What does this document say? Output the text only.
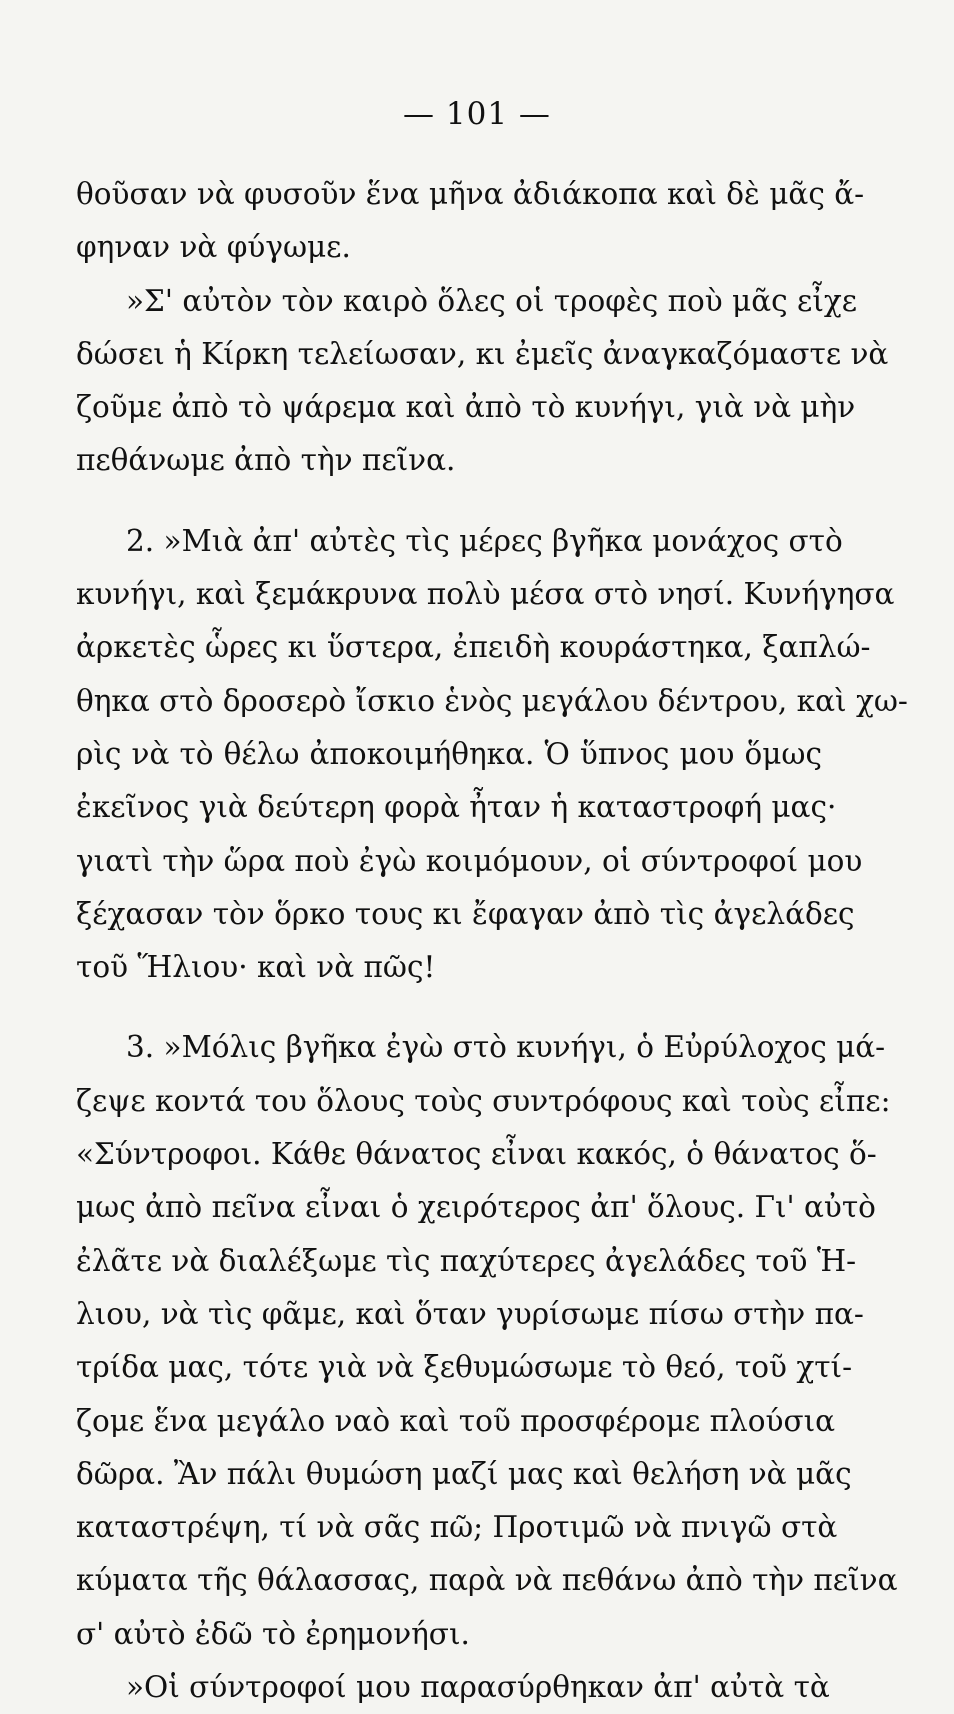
— 101 —
θοῦσαν νὰ φυσοῦν ἕνα μῆνα ἀδιάκοπα καὶ δὲ μᾶς ἄ-
φηναν νὰ φύγωμε.
»Σ' αὐτὸν τὸν καιρὸ ὅλες οἱ τροφὲς ποὺ μᾶς εἶχε
δώσει ἡ Κίρκη τελείωσαν, κι ἐμεῖς ἀναγκαζόμαστε νὰ
ζοῦμε ἀπὸ τὸ ψάρεμα καὶ ἀπὸ τὸ κυνήγι, γιὰ νὰ μὴν
πεθάνωμε ἀπὸ τὴν πεῖνα.
2. »Μιὰ ἀπ' αὐτὲς τὶς μέρες βγῆκα μονάχος στὸ
κυνήγι, καὶ ξεμάκρυνα πολὺ μέσα στὸ νησί. Κυνήγησα
ἀρκετὲς ὧρες κι ὕστερα, ἐπειδὴ κουράστηκα, ξαπλώ-
θηκα στὸ δροσερὸ ἴσκιο ἑνὸς μεγάλου δέντρου, καὶ χω-
ρὶς νὰ τὸ θέλω ἀποκοιμήθηκα. Ὁ ὕπνος μου ὅμως
ἐκεῖνος γιὰ δεύτερη φορὰ ἦταν ἡ καταστροφή μας·
γιατὶ τὴν ὥρα ποὺ ἐγὼ κοιμόμουν, οἱ σύντροφοί μου
ξέχασαν τὸν ὅρκο τους κι ἔφαγαν ἀπὸ τὶς ἀγελάδες
τοῦ Ἥλιου· καὶ νὰ πῶς!
3. »Μόλις βγῆκα ἐγὼ στὸ κυνήγι, ὁ Εὐρύλοχος μά-
ζεψε κοντά του ὅλους τοὺς συντρόφους καὶ τοὺς εἶπε:
«Σύντροφοι. Κάθε θάνατος εἶναι κακός, ὁ θάνατος ὅ-
μως ἀπὸ πεῖνα εἶναι ὁ χειρότερος ἀπ' ὅλους. Γι' αὐτὸ
ἐλᾶτε νὰ διαλέξωμε τὶς παχύτερες ἀγελάδες τοῦ Ἡ-
λιου, νὰ τὶς φᾶμε, καὶ ὅταν γυρίσωμε πίσω στὴν πα-
τρίδα μας, τότε γιὰ νὰ ξεθυμώσωμε τὸ θεό, τοῦ χτί-
ζομε ἕνα μεγάλο ναὸ καὶ τοῦ προσφέρομε πλούσια
δῶρα. Ἂν πάλι θυμώση μαζί μας καὶ θελήση νὰ μᾶς
καταστρέψη, τί νὰ σᾶς πῶ; Προτιμῶ νὰ πνιγῶ στὰ
κύματα τῆς θάλασσας, παρὰ νὰ πεθάνω ἀπὸ τὴν πεῖνα
σ' αὐτὸ ἐδῶ τὸ ἐρημονήσι.
»Οἱ σύντροφοί μου παρασύρθηκαν ἀπ' αὐτὰ τὰ
